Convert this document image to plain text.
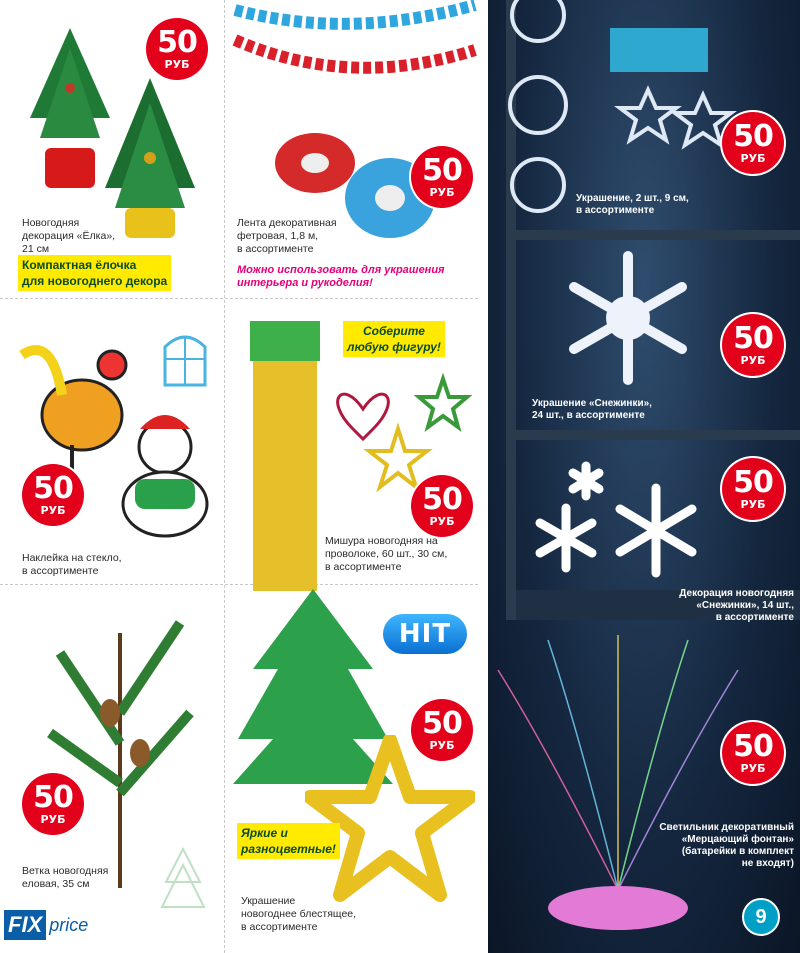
50
РУБ
Новогодняя
декорация «Ёлка»,
21 см
Компактная ёлочка
для новогоднего декора
50
РУБ
Лента декоративная
фетровая, 1,8 м,
в ассортименте
Можно использовать для украшения
интерьера и рукоделия!
50
РУБ
Наклейка на стекло,
в ассортименте
Соберите
любую фигуру!
50
РУБ
Мишура новогодняя на
проволоке, 60 шт., 30 см,
в ассортименте
50
РУБ
Ветка новогодняя
еловая, 35 см
FIX price
HIT
50
РУБ
Яркие и
разноцветные!
Украшение
новогоднее блестящее,
в ассортименте
50
РУБ
Украшение, 2 шт., 9 см,
в ассортименте
50
РУБ
Украшение «Снежинки»,
24 шт., в ассортименте
50
РУБ
Декорация новогодняя
«Снежинки», 14 шт.,
в ассортименте
50
РУБ
Светильник декоративный
«Мерцающий фонтан»
(батарейки в комплект
не входят)
9
